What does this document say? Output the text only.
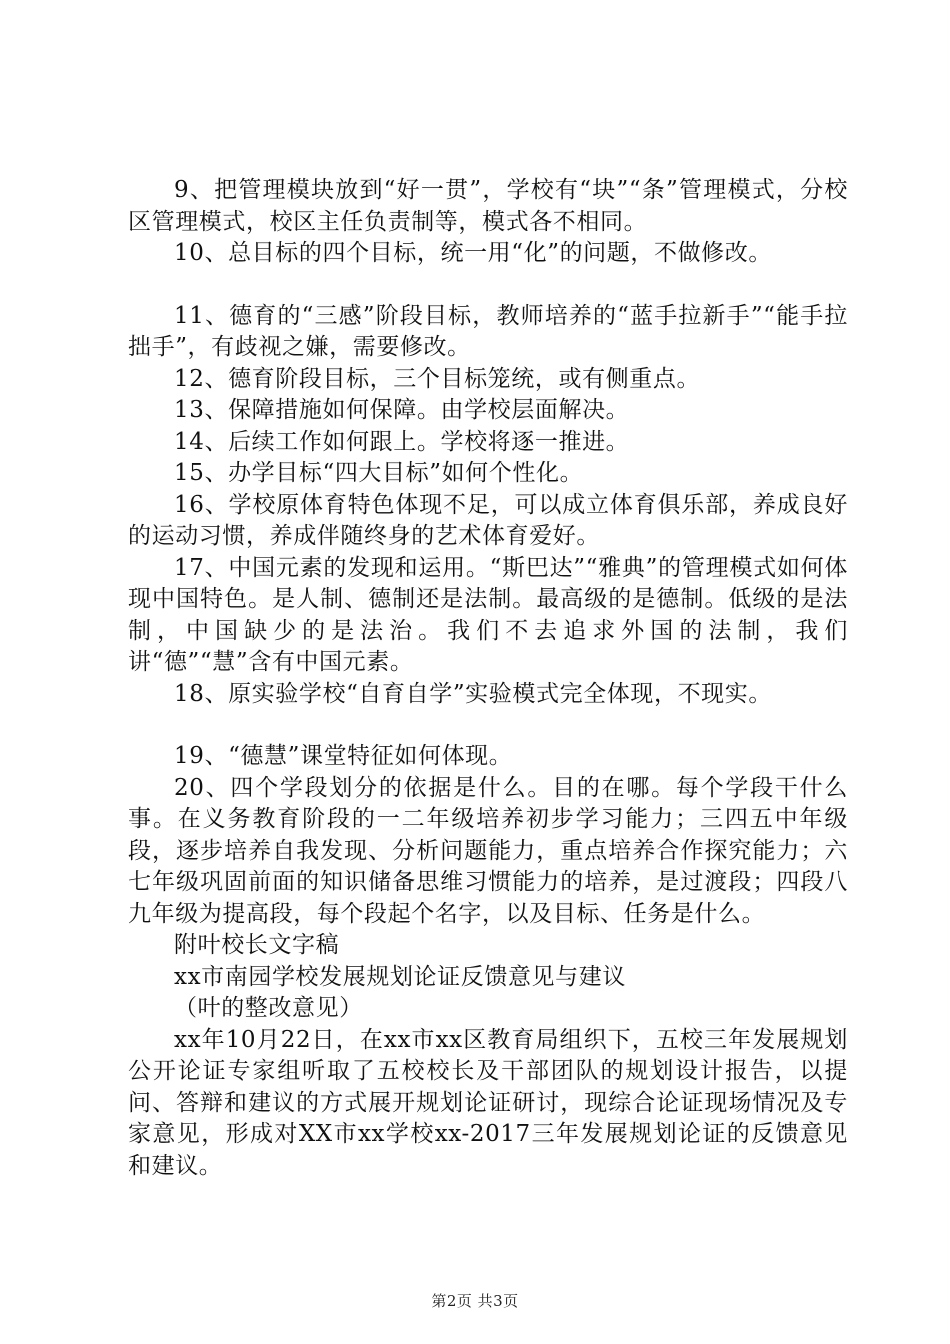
9、把管理模块放到“好一贯”，学校有“块”“条”管理模式，分校区管理模式，校区主任负责制等，模式各不相同。

10、总目标的四个目标，统一用“化”的问题，不做修改。

11、德育的“三感”阶段目标，教师培养的“蓝手拉新手”“能手拉拙手”，有歧视之嫌，需要修改。

12、德育阶段目标，三个目标笼统，或有侧重点。

13、保障措施如何保障。由学校层面解决。

14、后续工作如何跟上。学校将逐一推进。

15、办学目标“四大目标”如何个性化。

16、学校原体育特色体现不足，可以成立体育俱乐部，养成良好的运动习惯，养成伴随终身的艺术体育爱好。

17、中国元素的发现和运用。“斯巴达”“雅典”的管理模式如何体现中国特色。是人制、德制还是法制。最高级的是德制。低级的是法制，中国缺少的是法治。我们不去追求外国的法制，我们讲“德”“慧”含有中国元素。

18、原实验学校“自育自学”实验模式完全体现，不现实。

19、“德慧”课堂特征如何体现。

20、四个学段划分的依据是什么。目的在哪。每个学段干什么事。在义务教育阶段的一二年级培养初步学习能力；三四五中年级段，逐步培养自我发现、分析问题能力，重点培养合作探究能力；六七年级巩固前面的知识储备思维习惯能力的培养，是过渡段；四段八九年级为提高段，每个段起个名字，以及目标、任务是什么。

附叶校长文字稿

xx市南园学校发展规划论证反馈意见与建议

（叶的整改意见）

xx年10月22日，在xx市xx区教育局组织下，五校三年发展规划公开论证专家组听取了五校校长及干部团队的规划设计报告，以提问、答辩和建议的方式展开规划论证研讨，现综合论证现场情况及专家意见，形成对XX市xx学校xx-2017三年发展规划论证的反馈意见和建议。

第2页 共3页
